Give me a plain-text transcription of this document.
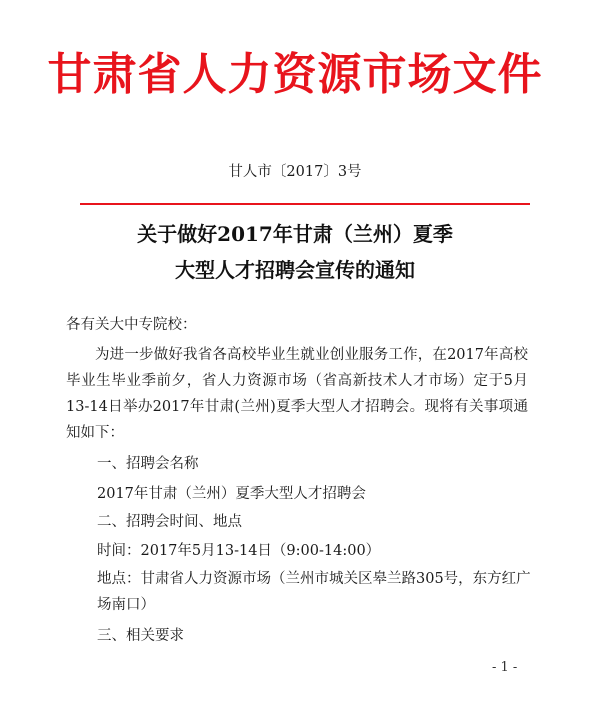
甘肃省人力资源市场文件
甘人市〔2017〕3号
关于做好2017年甘肃（兰州）夏季
大型人才招聘会宣传的通知
各有关大中专院校：
为进一步做好我省各高校毕业生就业创业服务工作，在2017年高校毕业生毕业季前夕，省人力资源市场（省高新技术人才市场）定于5月13-14日举办2017年甘肃(兰州)夏季大型人才招聘会。现将有关事项通知如下：
一、招聘会名称
2017年甘肃（兰州）夏季大型人才招聘会
二、招聘会时间、地点
时间：2017年5月13-14日（9:00-14:00）
地点：甘肃省人力资源市场（兰州市城关区皋兰路305号，东方红广场南口）
三、相关要求
- 1 -
